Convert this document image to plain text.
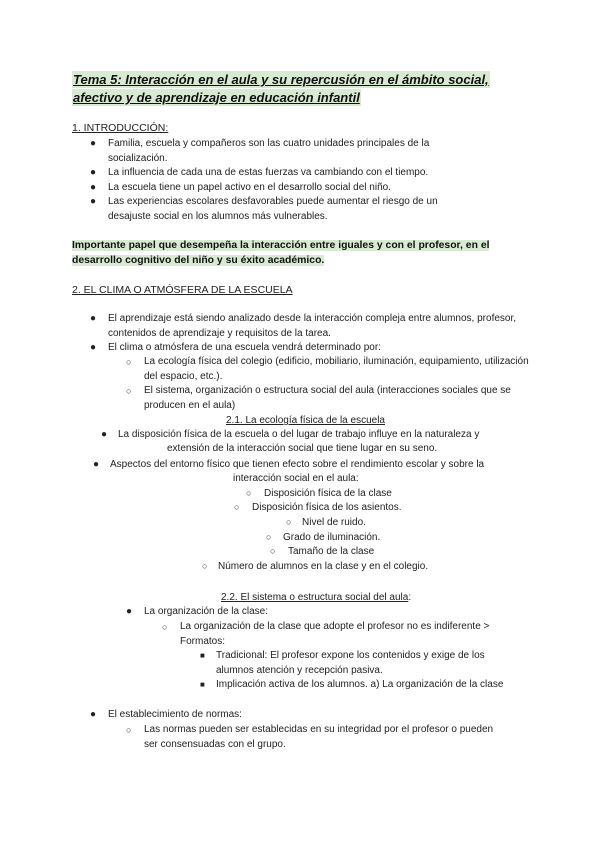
Tema 5: Interacción en el aula y su repercusión en el ámbito social,
afectivo y de aprendizaje en educación infantil
1. INTRODUCCIÓN:
● Familia, escuela y compañeros son las cuatro unidades principales de la socialización.
● La influencia de cada una de estas fuerzas va cambiando con el tiempo.
● La escuela tiene un papel activo en el desarrollo social del niño.
● Las experiencias escolares desfavorables puede aumentar el riesgo de un desajuste social en los alumnos más vulnerables.
Importante papel que desempeña la interacción entre iguales y con el profesor, en el desarrollo cognitivo del niño y su éxito académico.
2. EL CLIMA O ATMÓSFERA DE LA ESCUELA
● El aprendizaje está siendo analizado desde la interacción compleja entre alumnos, profesor, contenidos de aprendizaje y requisitos de la tarea.
● El clima o atmósfera de una escuela vendrá determinado por:
○ La ecología física del colegio (edificio, mobiliario, iluminación, equipamiento, utilización del espacio, etc.).
○ El sistema, organización o estructura social del aula (interacciones sociales que se producen en el aula)
2.1. La ecología física de la escuela
● La disposición física de la escuela o del lugar de trabajo influye en la naturaleza y
extensión de la interacción social que tiene lugar en su seno.
● Aspectos del entorno físico que tienen efecto sobre el rendimiento escolar y sobre la
interacción social en el aula:
○ Disposición física de la clase
○ Disposición física de los asientos.
○ Nivel de ruido.
○ Grado de iluminación.
○ Tamaño de la clase
○ Número de alumnos en la clase y en el colegio.
2.2. El sistema o estructura social del aula:
● La organización de la clase:
○ La organización de la clase que adopte el profesor no es indiferente > Formatos:
■ Tradicional: El profesor expone los contenidos y exige de los alumnos atención y recepción pasiva.
■ Implicación activa de los alumnos. a) La organización de la clase
● El establecimiento de normas:
○ Las normas pueden ser establecidas en su integridad por el profesor o pueden ser consensuadas con el grupo.
